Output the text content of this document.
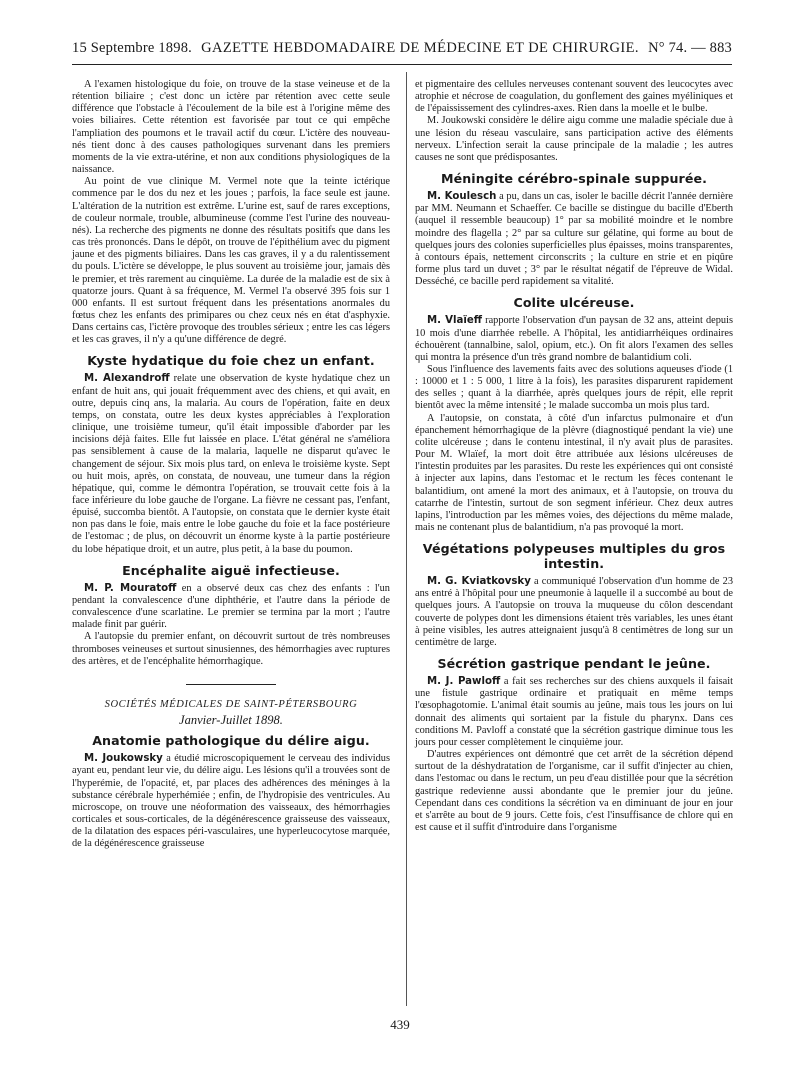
15 Septembre 1898. GAZETTE HEBDOMADAIRE DE MÉDECINE ET DE CHIRURGIE. N° 74. — 883

A l'examen histologique du foie, on trouve de la stase veineuse et de la rétention biliaire ; c'est donc un ictère par rétention avec cette seule différence que l'obstacle à l'écoulement de la bile est à l'origine même des voies biliaires. Cette rétention est favorisée par tout ce qui empêche l'ampliation des poumons et le travail actif du cœur. L'ictère des nouveau-nés tient donc à des causes pathologiques survenant dans les premiers moments de la vie extra-utérine, et non aux conditions physiologiques de la naissance.

Au point de vue clinique M. Vermel note que la teinte ictérique commence par le dos du nez et les joues ; parfois, la face seule est jaune. L'altération de la nutrition est extrême. L'urine est, sauf de rares exceptions, de couleur normale, trouble, albumineuse (comme l'est l'urine des nouveau-nés). La recherche des pigments ne donne des résultats positifs que dans les cas très prononcés. Dans le dépôt, on trouve de l'épithélium avec du pigment jaune et des pigments biliaires. Dans les cas graves, il y a du ralentissement du pouls. L'ictère se développe, le plus souvent au troisième jour, jamais dès le premier, et très rarement au cinquième. La durée de la maladie est de six à quatorze jours. Quant à sa fréquence, M. Vermel l'a observé 395 fois sur 1 000 enfants. Il est surtout fréquent dans les présentations anormales du fœtus chez les enfants des primipares ou chez ceux nés en état d'asphyxie. Dans certains cas, l'ictère provoque des troubles sérieux ; entre les cas légers et les cas graves, il n'y a qu'une différence de degré.

Kyste hydatique du foie chez un enfant.

M. Alexandroff relate une observation de kyste hydatique chez un enfant de huit ans, qui jouait fréquemment avec des chiens, et qui avait, en outre, depuis cinq ans, la malaria. Au cours de l'opération, faite en deux temps, on constata, outre les deux kystes appréciables à l'exploration clinique, une troisième tumeur, qu'il était impossible d'aborder par les incisions déjà faites. Elle fut laissée en place. L'état général ne s'améliora pas sensiblement à cause de la malaria, laquelle ne disparut qu'avec le changement de séjour. Six mois plus tard, on enleva le troisième kyste. Sept ou huit mois, après, on constata, de nouveau, une tumeur dans la région hépatique, qui, comme le démontra l'opération, se trouvait cette fois à la face inférieure du lobe gauche de l'organe. La fièvre ne cessant pas, l'enfant, épuisé, succomba bientôt. A l'autopsie, on constata que le dernier kyste était non pas dans le foie, mais entre le lobe gauche du foie et la face postérieure de l'estomac ; de plus, on découvrit un énorme kyste à la partie postérieure du lobe hépatique droit, et un autre, plus petit, à la base du poumon.

Encéphalite aiguë infectieuse.

M. P. Mouratoff en a observé deux cas chez des enfants : l'un pendant la convalescence d'une diphthérie, et l'autre dans la période de convalescence d'une scarlatine. Le premier se termina par la mort ; l'autre malade finit par guérir.

A l'autopsie du premier enfant, on découvrit surtout de très nombreuses thromboses veineuses et surtout sinusiennes, des hémorrhagies avec ruptures des artères, et de l'encéphalite hémorrhagique.

SOCIÉTÉS MÉDICALES DE SAINT-PÉTERSBOURG
Janvier-Juillet 1898.
Anatomie pathologique du délire aigu.

M. Joukowsky a étudié microscopiquement le cerveau des individus ayant eu, pendant leur vie, du délire aigu. Les lésions qu'il a trouvées sont de l'hyperémie, de l'opacité, et, par places des adhérences des méninges à la substance cérébrale hyperhémiée ; enfin, de l'hydropisie des ventricules. Au microscope, on trouve une néoformation des vaisseaux, des hémorrhagies corticales et sous-corticales, de la dégénérescence graisseuse des vaisseaux, de la dilatation des espaces péri-vasculaires, une hyperleucocytose marquée, de la dégénérescence graisseuse

et pigmentaire des cellules nerveuses contenant souvent des leucocytes avec atrophie et nécrose de coagulation, du gonflement des gaines myéliniques et de l'épaississement des cylindres-axes. Rien dans la moelle et le bulbe.

M. Joukowski considère le délire aigu comme une maladie spéciale due à une lésion du réseau vasculaire, sans participation active des éléments nerveux. L'infection serait la cause principale de la maladie ; les autres causes ne sont que prédisposantes.

Méningite cérébro-spinale suppurée.

M. Koulesch a pu, dans un cas, isoler le bacille décrit l'année dernière par MM. Neumann et Schaeffer. Ce bacille se distingue du bacille d'Eberth (auquel il ressemble beaucoup) 1° par sa mobilité moindre et le nombre moindre des flagella ; 2° par sa culture sur gélatine, qui forme au bout de quelques jours des colonies superficielles plus épaisses, moins transparentes, à contours épais, nettement circonscrits ; la culture en strie et en piqûre forme plus tard un duvet ; 3° par le résultat négatif de l'épreuve de Widal. Desséché, ce bacille perd rapidement sa vitalité.

Colite ulcéreuse.

M. Vlaïeff rapporte l'observation d'un paysan de 32 ans, atteint depuis 10 mois d'une diarrhée rebelle. A l'hôpital, les antidiarrhéiques ordinaires échouèrent (tannalbine, salol, opium, etc.). On fit alors l'examen des selles qui montra la présence d'un très grand nombre de balantidium coli.

Sous l'influence des lavements faits avec des solutions aqueuses d'iode (1 : 10000 et 1 : 5 000, 1 litre à la fois), les parasites disparurent rapidement des selles ; quant à la diarrhée, après quelques jours de répit, elle reprit bientôt avec la même intensité ; le malade succomba un mois plus tard.

A l'autopsie, on constata, à côté d'un infarctus pulmonaire et d'un épanchement hémorrhagique de la plèvre (diagnostiqué pendant la vie) une colite ulcéreuse ; dans le contenu intestinal, il n'y avait plus de parasites. Pour M. Wlaïef, la mort doit être attribuée aux lésions ulcéreuses de l'intestin produites par les parasites. Du reste les expériences qui ont consisté à injecter aux lapins, dans l'estomac et le rectum les fèces contenant le balantidium, ont amené la mort des animaux, et à l'autopsie, on trouva du catarrhe de l'intestin, surtout de son segment inférieur. Chez deux autres lapins, l'introduction par les mêmes voies, des déjections du même malade, mais ne contenant plus de balantidium, n'a pas provoqué la mort.

Végétations polypeuses multiples du gros
intestin.

M. G. Kviatkovsky a communiqué l'observation d'un homme de 23 ans entré à l'hôpital pour une pneumonie à laquelle il a succombé au bout de quelques jours. A l'autopsie on trouva la muqueuse du côlon descendant couverte de polypes dont les dimensions étaient très variables, les unes étant à peine visibles, les autres atteignaient jusqu'à 8 centimètres de long sur un centimètre de large.

Sécrétion gastrique pendant le jeûne.

M. J. Pawloff a fait ses recherches sur des chiens auxquels il faisait une fistule gastrique ordinaire et pratiquait en même temps l'œsophagotomie. L'animal était soumis au jeûne, mais tous les jours on lui donnait des aliments qui sortaient par la fistule du pharynx. Dans ces conditions M. Pavloff a constaté que la sécrétion gastrique diminue tous les jours pour cesser complètement le cinquième jour.

D'autres expériences ont démontré que cet arrêt de la sécrétion dépend surtout de la déshydratation de l'organisme, car il suffit d'injecter au chien, dans l'estomac ou dans le rectum, un peu d'eau distillée pour que la sécrétion gastrique redevienne aussi abondante que le premier jour du jeûne. Cependant dans ces conditions la sécrétion va en diminuant de jour en jour et s'arrête au bout de 9 jours. Cette fois, c'est l'insuffisance de chlore qui en est cause et il suffit d'introduire dans l'organisme

439
